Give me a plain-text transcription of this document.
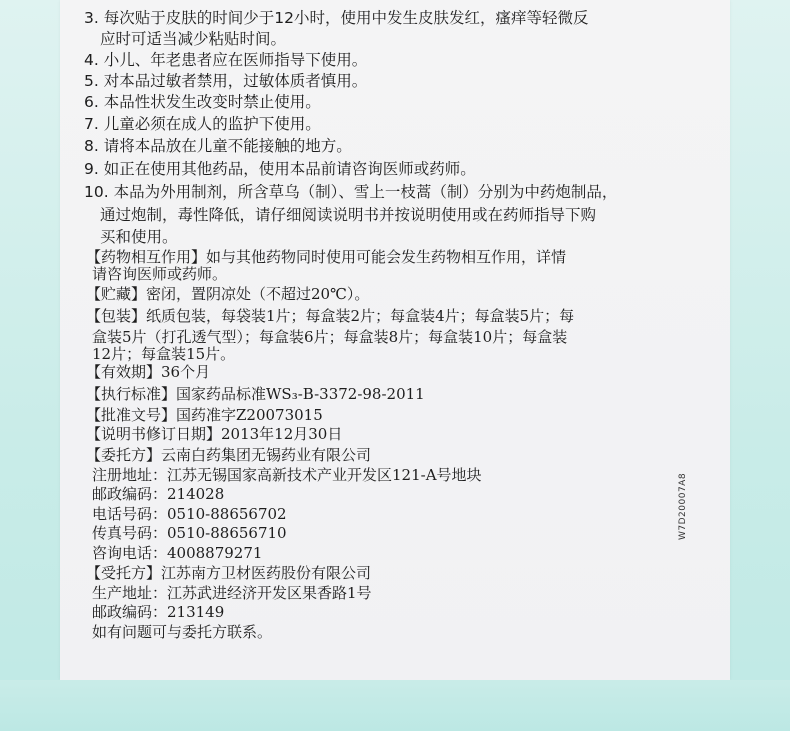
W7D20007A8
3. 每次贴于皮肤的时间少于12小时，使用中发生皮肤发红，瘙痒等轻微反
应时可适当减少粘贴时间。
4. 小儿、年老患者应在医师指导下使用。
5. 对本品过敏者禁用，过敏体质者慎用。
6. 本品性状发生改变时禁止使用。
7. 儿童必须在成人的监护下使用。
8. 请将本品放在儿童不能接触的地方。
9. 如正在使用其他药品，使用本品前请咨询医师或药师。
10. 本品为外用制剂，所含草乌（制）、雪上一枝蒿（制）分别为中药炮制品，
通过炮制，毒性降低，请仔细阅读说明书并按说明使用或在药师指导下购
买和使用。
【药物相互作用】如与其他药物同时使用可能会发生药物相互作用，详情
请咨询医师或药师。
【贮藏】密闭，置阴凉处（不超过20℃）。
【包装】纸质包装，每袋装1片；每盒装2片；每盒装4片；每盒装5片；每
盒装5片（打孔透气型）；每盒装6片；每盒装8片；每盒装10片；每盒装
12片；每盒装15片。
【有效期】36个月
【执行标准】国家药品标准WS₃-B-3372-98-2011
【批准文号】国药准字Z20073015
【说明书修订日期】2013年12月30日
【委托方】云南白药集团无锡药业有限公司
注册地址：江苏无锡国家高新技术产业开发区121-A号地块
邮政编码：214028
电话号码：0510-88656702
传真号码：0510-88656710
咨询电话：4008879271
【受托方】江苏南方卫材医药股份有限公司
生产地址：江苏武进经济开发区果香路1号
邮政编码：213149
如有问题可与委托方联系。
